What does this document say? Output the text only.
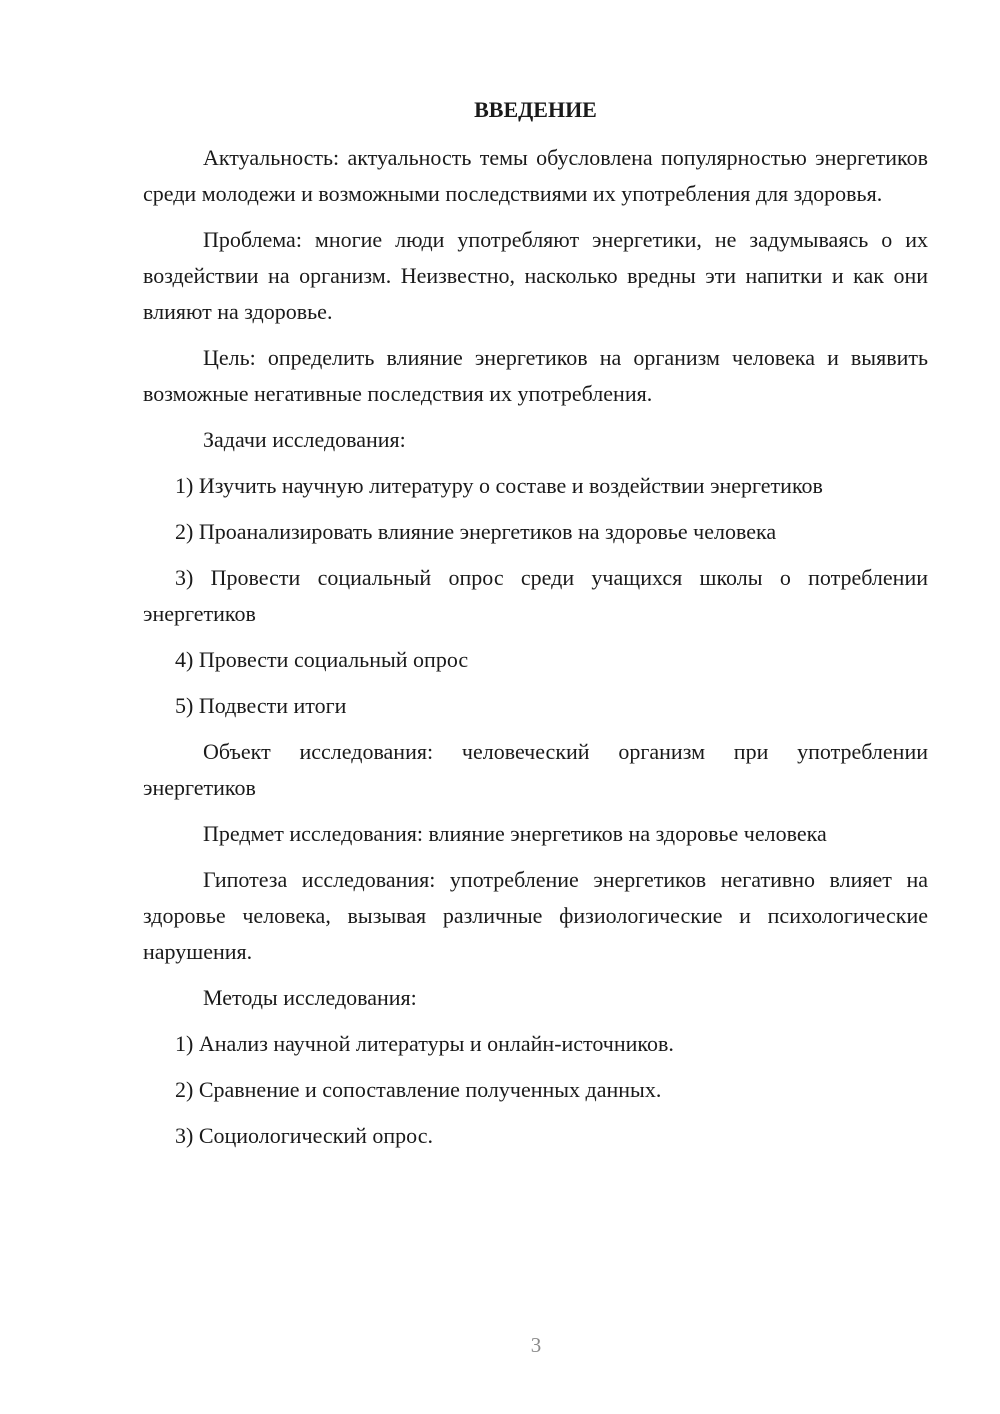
ВВЕДЕНИЕ

Актуальность: актуальность темы обусловлена популярностью энергетиков среди молодежи и возможными последствиями их употребления для здоровья.

Проблема: многие люди употребляют энергетики, не задумываясь о их воздействии на организм. Неизвестно, насколько вредны эти напитки и как они влияют на здоровье.

Цель: определить влияние энергетиков на организм человека и выявить возможные негативные последствия их употребления.

Задачи исследования:

1) Изучить научную литературу о составе и воздействии энергетиков

2) Проанализировать влияние энергетиков на здоровье человека

3) Провести социальный опрос среди учащихся школы о потреблении энергетиков

4) Провести социальный опрос

5) Подвести итоги

Объект исследования: человеческий организм при употреблении энергетиков

Предмет исследования: влияние энергетиков на здоровье человека

Гипотеза исследования: употребление энергетиков негативно влияет на здоровье человека, вызывая различные физиологические и психологические нарушения.

Методы исследования:

1) Анализ научной литературы и онлайн-источников.

2) Сравнение и сопоставление полученных данных.

3) Социологический опрос.

3
